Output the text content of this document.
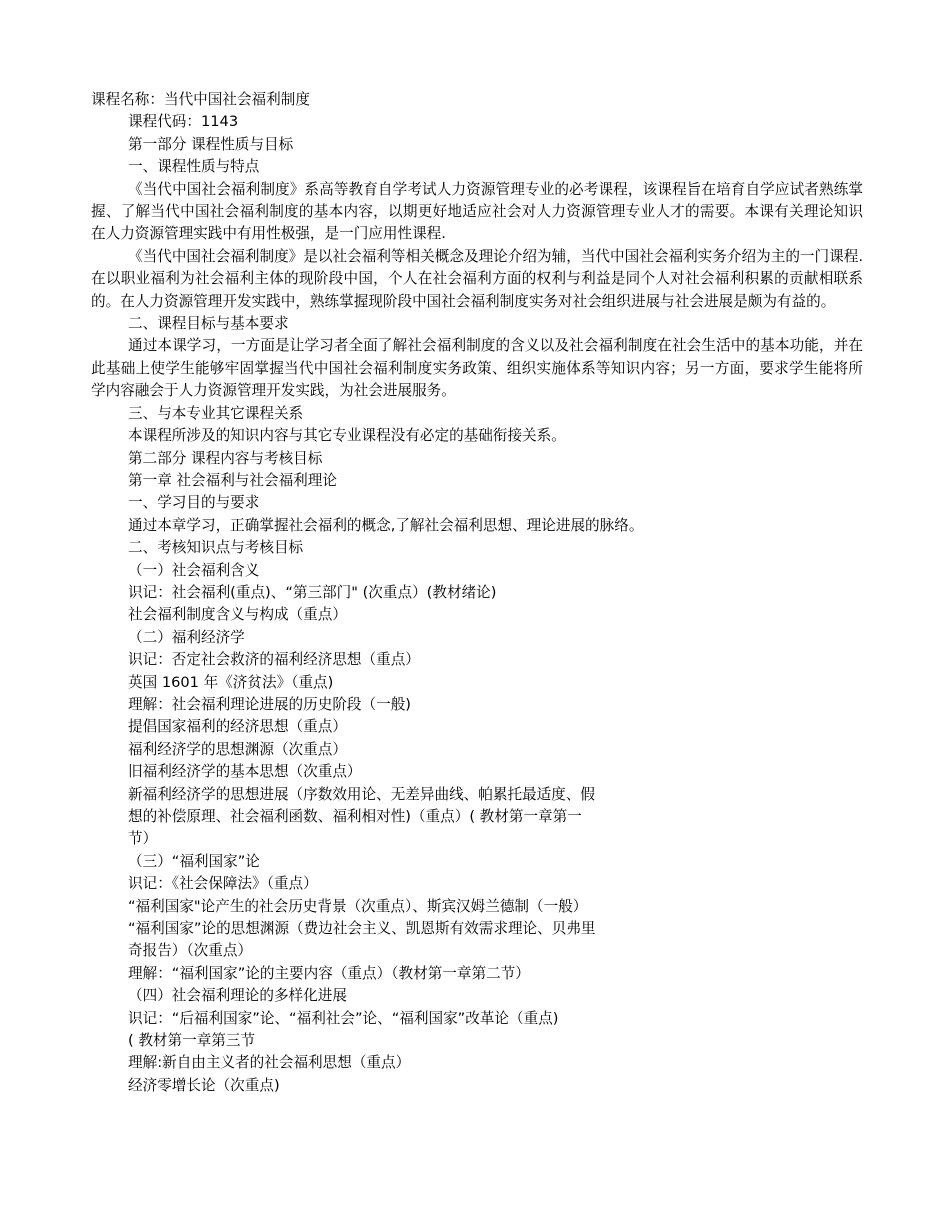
课程名称：当代中国社会福利制度

课程代码：1143

第一部分 课程性质与目标

一、课程性质与特点

《当代中国社会福利制度》系高等教育自学考试人力资源管理专业的必考课程，该课程旨在培育自学应试者熟练掌握、了解当代中国社会福利制度的基本内容，以期更好地适应社会对人力资源管理专业人才的需要。本课有关理论知识在人力资源管理实践中有用性极强，是一门应用性课程.

《当代中国社会福利制度》是以社会福利等相关概念及理论介绍为辅，当代中国社会福利实务介绍为主的一门课程.在以职业福利为社会福利主体的现阶段中国，个人在社会福利方面的权利与利益是同个人对社会福利积累的贡献相联系的。在人力资源管理开发实践中，熟练掌握现阶段中国社会福利制度实务对社会组织进展与社会进展是颇为有益的。

二、课程目标与基本要求

通过本课学习，一方面是让学习者全面了解社会福利制度的含义以及社会福利制度在社会生活中的基本功能，并在此基础上使学生能够牢固掌握当代中国社会福利制度实务政策、组织实施体系等知识内容；另一方面，要求学生能将所学内容融会于人力资源管理开发实践，为社会进展服务。

三、与本专业其它课程关系

本课程所涉及的知识内容与其它专业课程没有必定的基础衔接关系。

第二部分 课程内容与考核目标

第一章 社会福利与社会福利理论

一、学习目的与要求

通过本章学习，正确掌握社会福利的概念,了解社会福利思想、理论进展的脉络。

二、考核知识点与考核目标

（一）社会福利含义

识记：社会福利(重点)、“第三部门" (次重点）(教材绪论)

社会福利制度含义与构成（重点）

（二）福利经济学

识记：否定社会救济的福利经济思想（重点）

英国 1601 年《济贫法》（重点)

理解：社会福利理论进展的历史阶段（一般)

提倡国家福利的经济思想（重点）

福利经济学的思想渊源（次重点）

旧福利经济学的基本思想（次重点）

新福利经济学的思想进展（序数效用论、无差异曲线、帕累托最适度、假想的补偿原理、社会福利函数、福利相对性)（重点）( 教材第一章第一节）

（三）“福利国家”论

识记：《社会保障法》（重点）

“福利国家"论产生的社会历史背景（次重点）、斯宾汉姆兰德制（一般）

“福利国家”论的思想渊源（费边社会主义、凯恩斯有效需求理论、贝弗里奇报告）（次重点）

理解：“福利国家”论的主要内容（重点）（教材第一章第二节）

（四）社会福利理论的多样化进展

识记：“后福利国家”论、“福利社会”论、“福利国家”改革论（重点)

( 教材第一章第三节

理解:新自由主义者的社会福利思想（重点）

经济零增长论（次重点)
